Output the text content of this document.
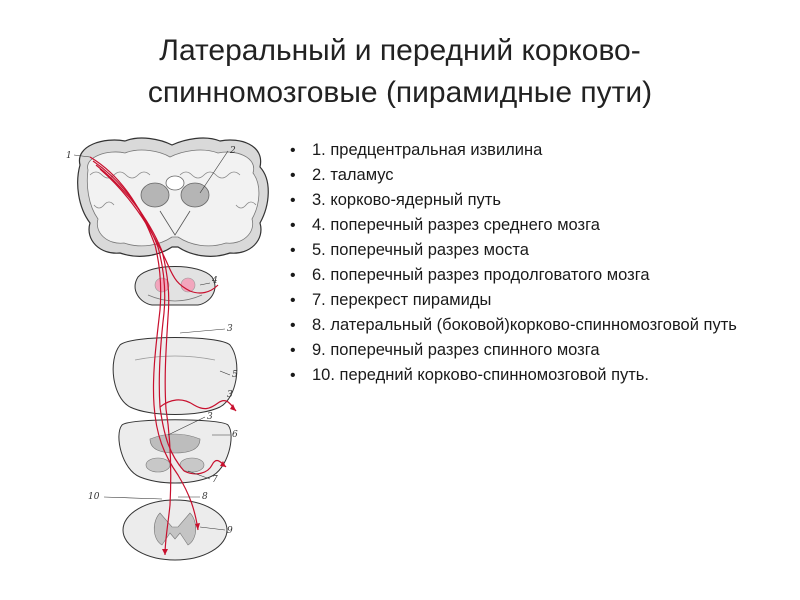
Латеральный и передний корково-
спинномозговые (пирамидные пути)
1	2
4
3
5
3
6
7
10	8
9
3
• 1. предцентральная извилина
• 2. таламус
• 3. корково-ядерный путь
• 4. поперечный разрез среднего мозга
• 5. поперечный разрез моста
• 6. поперечный разрез продолговатого мозга
• 7. перекрест пирамиды
• 8. латеральный (боковой)корково-спинномозговой путь
• 9. поперечный разрез спинного мозга
• 10. передний корково-спинномозговой путь.
